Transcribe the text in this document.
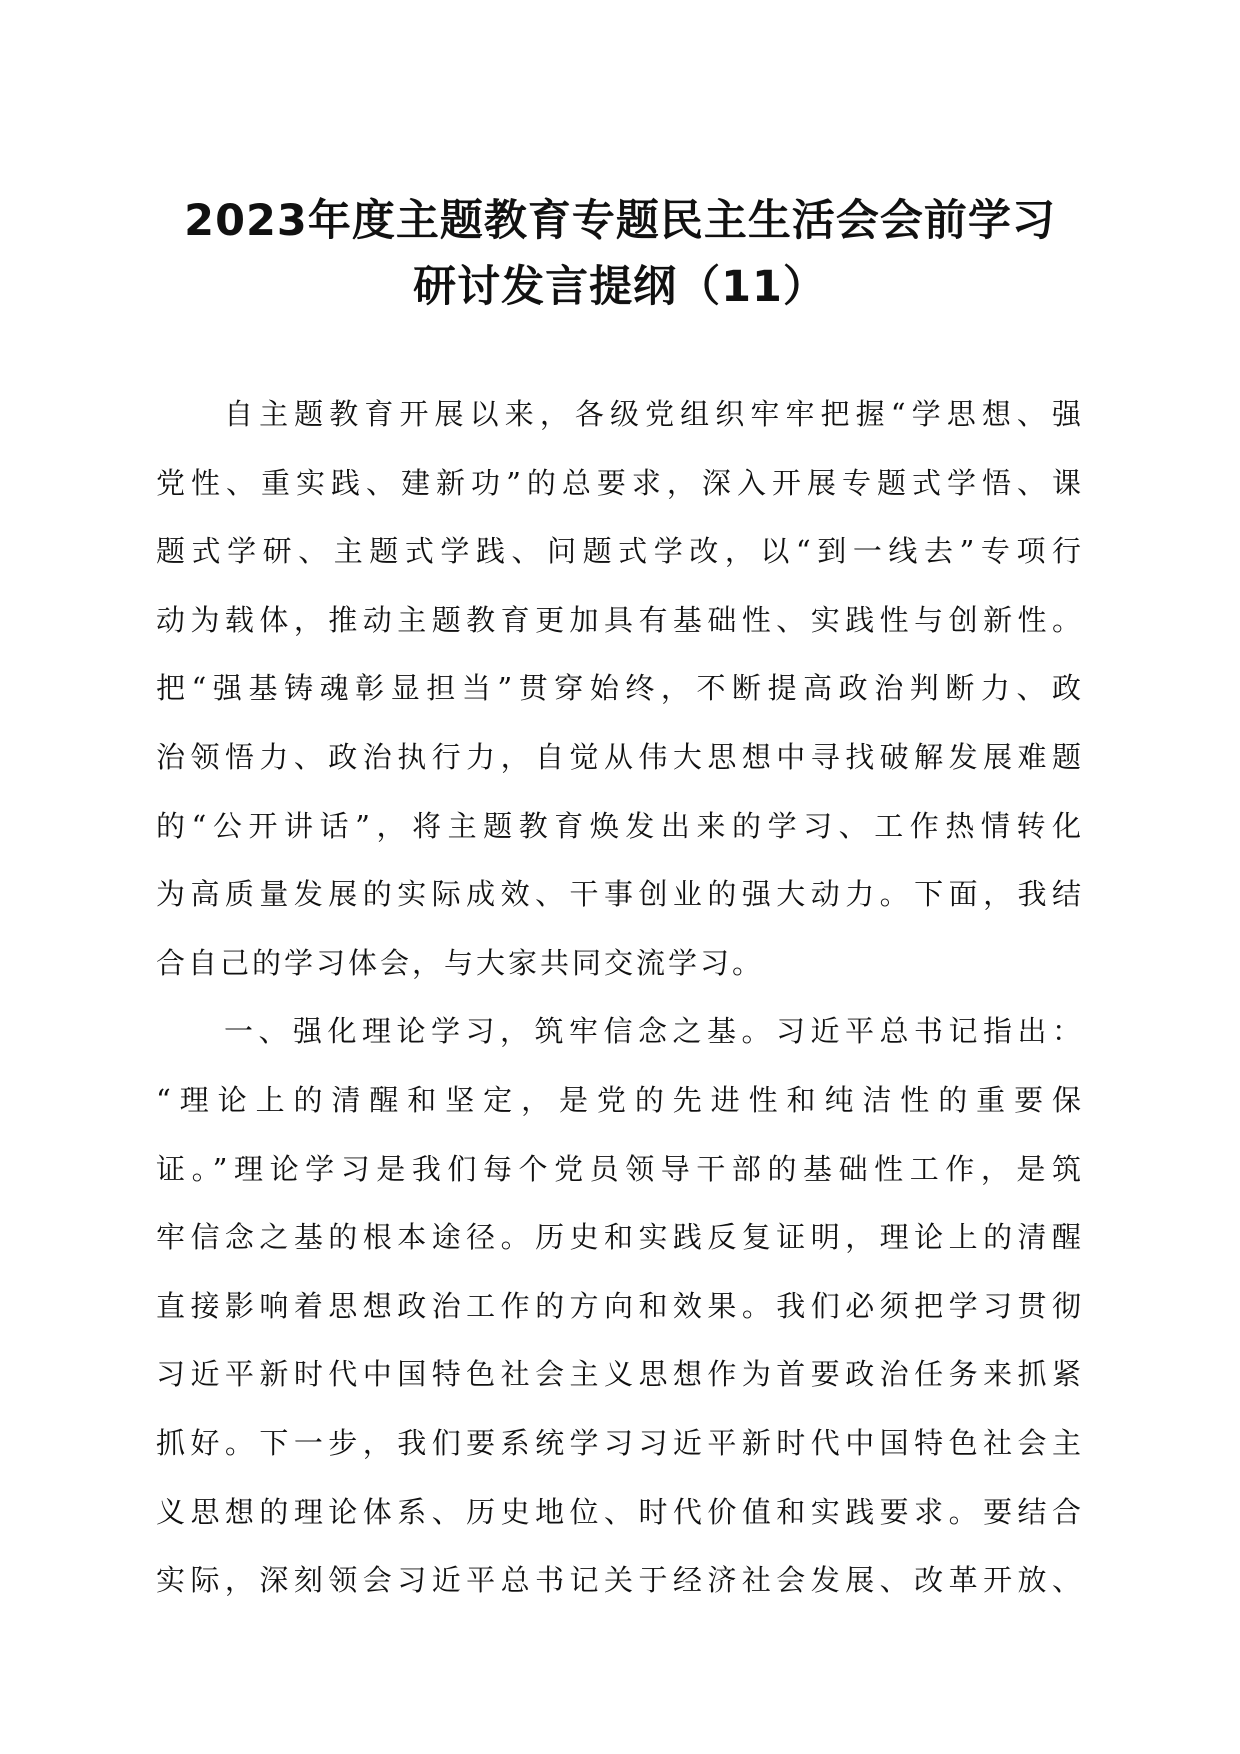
2023年度主题教育专题民主生活会会前学习
研讨发言提纲（11）
自主题教育开展以来，各级党组织牢牢把握“学思想、强
党性、重实践、建新功”的总要求，深入开展专题式学悟、课
题式学研、主题式学践、问题式学改，以“到一线去”专项行
动为载体，推动主题教育更加具有基础性、实践性与创新性。
把“强基铸魂彰显担当”贯穿始终，不断提高政治判断力、政
治领悟力、政治执行力，自觉从伟大思想中寻找破解发展难题
的“公开讲话”，将主题教育焕发出来的学习、工作热情转化
为高质量发展的实际成效、干事创业的强大动力。下面，我结
合自己的学习体会，与大家共同交流学习。
一、强化理论学习，筑牢信念之基。习近平总书记指出：
“理论上的清醒和坚定，是党的先进性和纯洁性的重要保
证。”理论学习是我们每个党员领导干部的基础性工作，是筑
牢信念之基的根本途径。历史和实践反复证明，理论上的清醒
直接影响着思想政治工作的方向和效果。我们必须把学习贯彻
习近平新时代中国特色社会主义思想作为首要政治任务来抓紧
抓好。下一步，我们要系统学习习近平新时代中国特色社会主
义思想的理论体系、历史地位、时代价值和实践要求。要结合
实际，深刻领会习近平总书记关于经济社会发展、改革开放、
